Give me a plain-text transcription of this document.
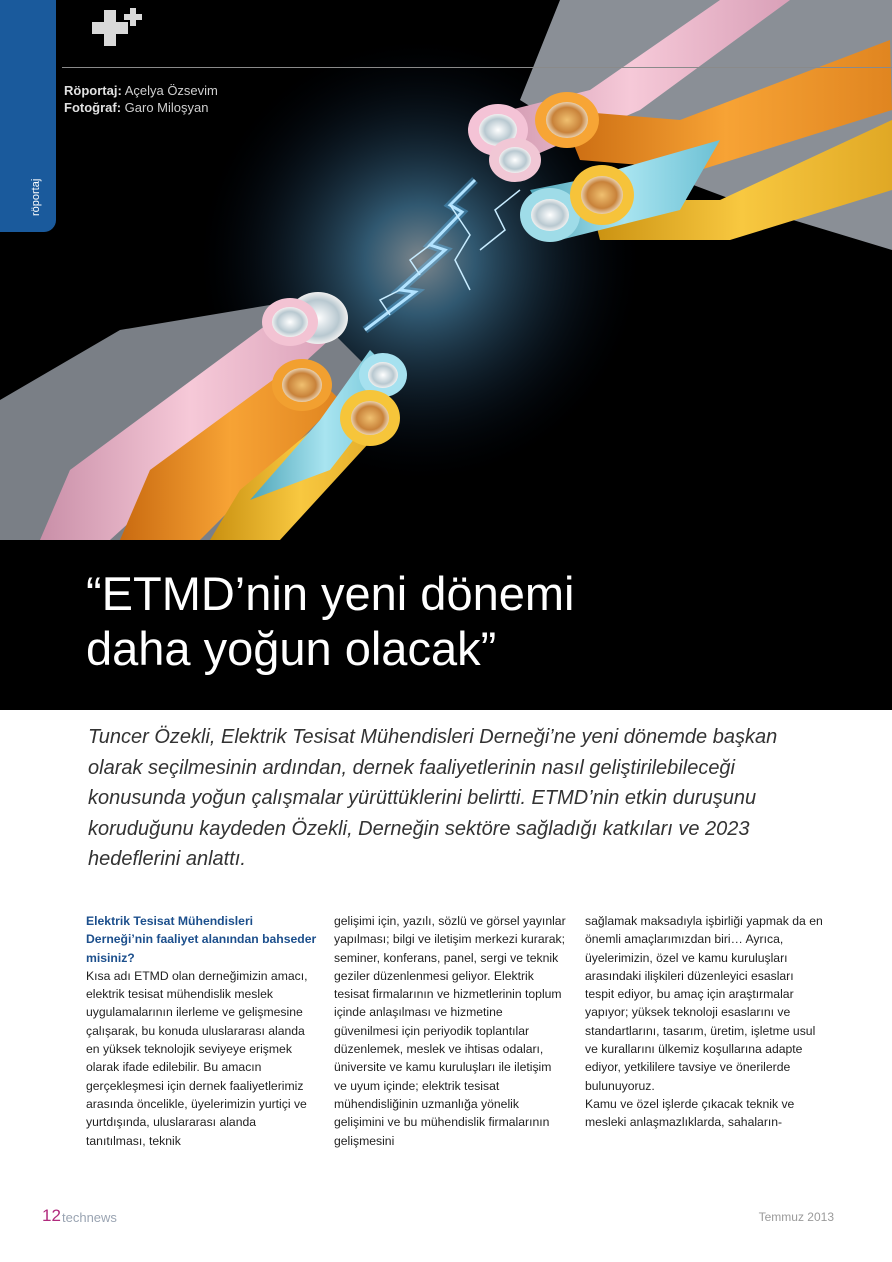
röportaj
Röportaj: Açelya Özsevim
Fotoğraf: Garo Miloşyan
“ETMD’nin yeni dönemi
daha yoğun olacak”

Tuncer Özekli, Elektrik Tesisat Mühendisleri Derneği’ne yeni dönemde başkan olarak seçilmesinin ardından, dernek faaliyetlerinin nasıl geliştirilebileceği konusunda yoğun çalışmalar yürüttüklerini belirtti. ETMD’nin etkin duruşunu koruduğunu kaydeden Özekli, Derneğin sektöre sağladığı katkıları ve 2023 hedeflerini anlattı.

Elektrik Tesisat Mühendisleri Derneği’nin faaliyet alanından bahseder misiniz?

Kısa adı ETMD olan derneğimizin amacı, elektrik tesisat mühendislik meslek uygulamalarının ilerleme ve gelişmesine çalışarak, bu konuda uluslararası alanda en yüksek teknolojik seviyeye erişmek olarak ifade edilebilir. Bu amacın gerçekleşmesi için dernek faaliyetlerimiz arasında öncelikle, üyelerimizin yurtiçi ve yurtdışında, uluslararası alanda tanıtılması, teknik

gelişimi için, yazılı, sözlü ve görsel yayınlar yapılması; bilgi ve iletişim merkezi kurarak; seminer, konferans, panel, sergi ve teknik geziler düzenlenmesi geliyor. Elektrik tesisat firmalarının ve hizmetlerinin toplum içinde anlaşılması ve hizmetine güvenilmesi için periyodik toplantılar düzenlemek, meslek ve ihtisas odaları, üniversite ve kamu kuruluşları ile iletişim ve uyum içinde; elektrik tesisat mühendisliğinin uzmanlığa yönelik gelişimini ve bu mühendislik firmalarının gelişmesini

sağlamak maksadıyla işbirliği yapmak da en önemli amaçlarımızdan biri… Ayrıca, üyelerimizin, özel ve kamu kuruluşları arasındaki ilişkileri düzenleyici esasları tespit ediyor, bu amaç için araştırmalar yapıyor; yüksek teknoloji esaslarını ve standartlarını, tasarım, üretim, işletme usul ve kurallarını ülkemiz koşullarına adapte ediyor, yetkililere tavsiye ve önerilerde bulunuyoruz.

Kamu ve özel işlerde çıkacak teknik ve mesleki anlaşmazlıklarda, sahaların-

12 technews	Temmuz 2013
